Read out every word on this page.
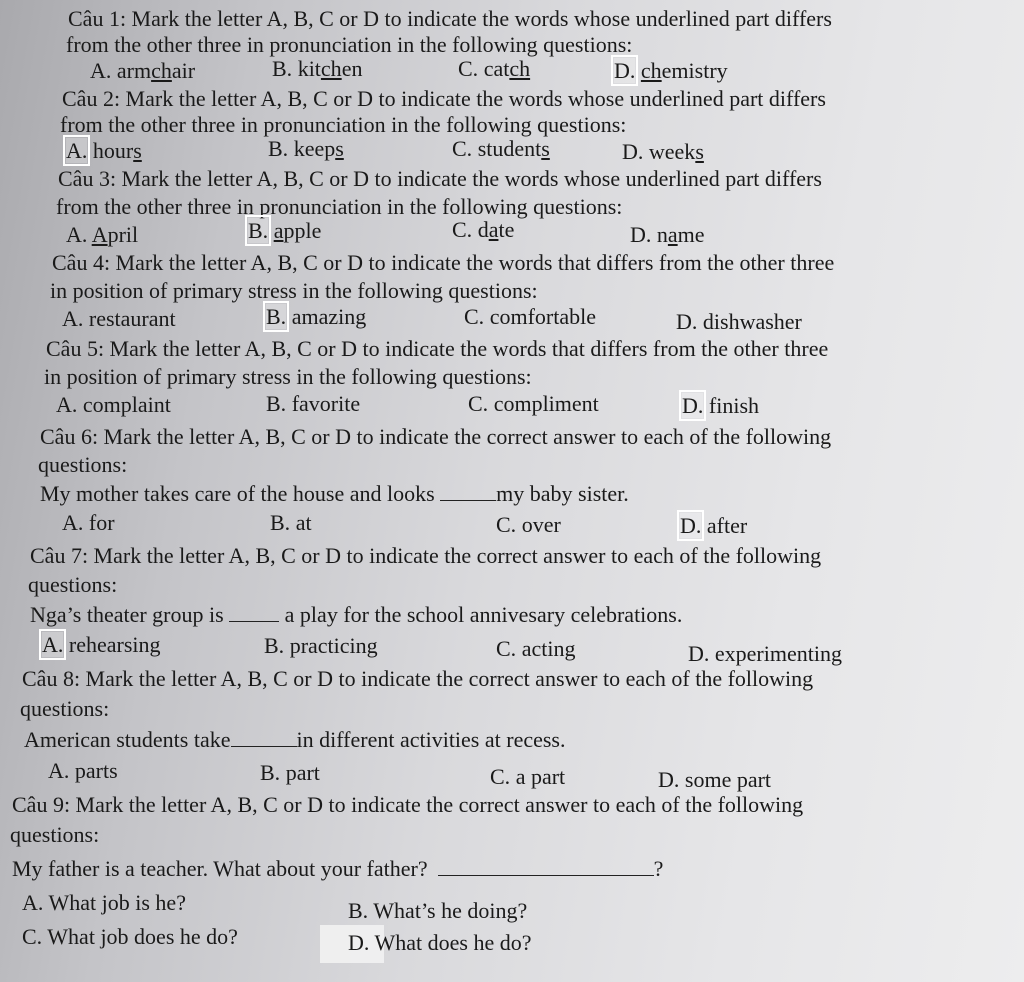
Câu 1: Mark the letter A, B, C or D to indicate the words whose underlined part differs
from the other three in pronunciation in the following questions:
A. armchair	B. kitchen	C. catch	D. chemistry
Câu 2: Mark the letter A, B, C or D to indicate the words whose underlined part differs
from the other three in pronunciation in the following questions:
A. hours	B. keeps	C. students	D. weeks
Câu 3: Mark the letter A, B, C or D to indicate the words whose underlined part differs
from the other three in pronunciation in the following questions:
A. April	B. apple	C. date	D. name
Câu 4: Mark the letter A, B, C or D to indicate the words that differs from the other three
in position of primary stress in the following questions:
A. restaurant	B. amazing	C. comfortable	D. dishwasher
Câu 5: Mark the letter A, B, C or D to indicate the words that differs from the other three
in position of primary stress in the following questions:
A. complaint	B. favorite	C. compliment	D. finish
Câu 6: Mark the letter A, B, C or D to indicate the correct answer to each of the following
questions:
My mother takes care of the house and looks	my baby sister.
A. for	B. at	C. over	D. after
Câu 7: Mark the letter A, B, C or D to indicate the correct answer to each of the following
questions:
Nga’s theater group is	a play for the school annivesary celebrations.
A. rehearsing	B. practicing	C. acting	D. experimenting
Câu 8: Mark the letter A, B, C or D to indicate the correct answer to each of the following
questions:
American students take	in different activities at recess.
A. parts	B. part	C. a part	D. some part
Câu 9: Mark the letter A, B, C or D to indicate the correct answer to each of the following
questions:
My father is a teacher. What about your father?	?
A. What job is he?	B. What’s he doing?
C. What job does he do?	D. What does he do?
